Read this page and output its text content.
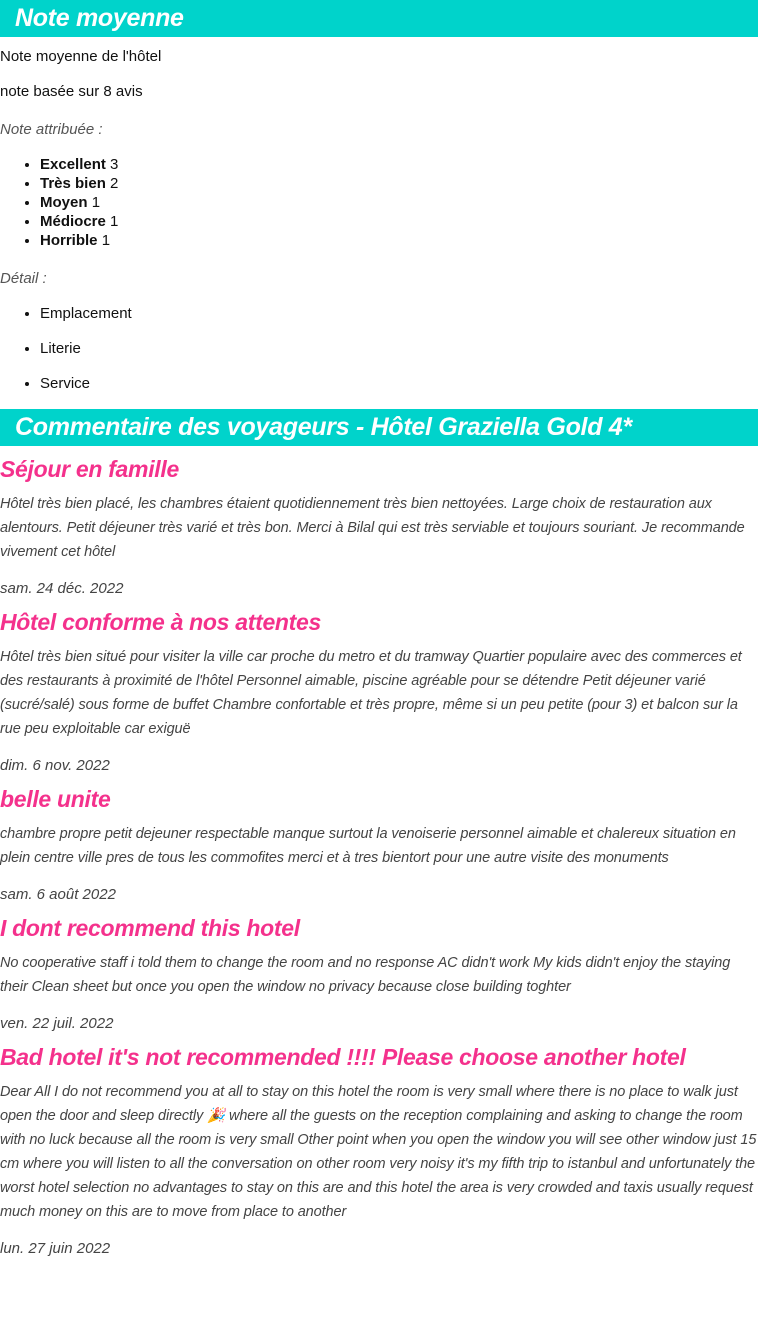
Note moyenne

Note moyenne de l'hôtel

note basée sur 8 avis

Note attribuée :

• Excellent 3
• Très bien 2
• Moyen 1
• Médiocre 1
• Horrible 1

Détail :

• Emplacement
• Literie
• Service
Commentaire des voyageurs - Hôtel Graziella Gold 4*
Séjour en famille

Hôtel très bien placé, les chambres étaient quotidiennement très bien nettoyées. Large choix de restauration aux alentours. Petit déjeuner très varié et très bon. Merci à Bilal qui est très serviable et toujours souriant. Je recommande vivement cet hôtel

sam. 24 déc. 2022

Hôtel conforme à nos attentes

Hôtel très bien situé pour visiter la ville car proche du metro et du tramway Quartier populaire avec des commerces et des restaurants à proximité de l'hôtel Personnel aimable, piscine agréable pour se détendre Petit déjeuner varié (sucré/salé) sous forme de buffet Chambre confortable et très propre, même si un peu petite (pour 3) et balcon sur la rue peu exploitable car exiguë

dim. 6 nov. 2022

belle unite

chambre propre petit dejeuner respectable manque surtout la venoiserie personnel aimable et chalereux situation en plein centre ville pres de tous les commofites merci et à tres bientort pour une autre visite des monuments

sam. 6 août 2022

I dont recommend this hotel

No cooperative staff i told them to change the room and no response AC didn't work My kids didn't enjoy the staying their Clean sheet but once you open the window no privacy because close building toghter

ven. 22 juil. 2022

Bad hotel it's not recommended !!!! Please choose another hotel

Dear All I do not recommend you at all to stay on this hotel the room is very small where there is no place to walk just open the door and sleep directly 🎉 where all the guests on the reception complaining and asking to change the room with no luck because all the room is very small Other point when you open the window you will see other window just 15 cm where you will listen to all the conversation on other room very noisy it's my fifth trip to istanbul and unfortunately the worst hotel selection no advantages to stay on this are and this hotel the area is very crowded and taxis usually request much money on this are to move from place to another

lun. 27 juin 2022
